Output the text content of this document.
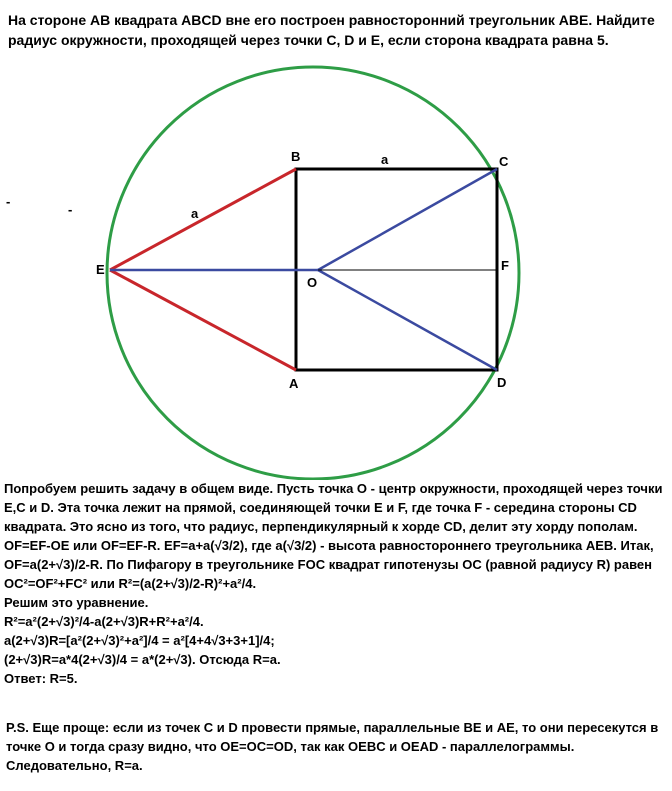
На стороне AB квадрата ABCD вне его построен равносторонний треугольник ABE. Найдите радиус окружности, проходящей через точки C, D и E, если сторона квадрата равна 5.
B	C
A	D
E	F
O
a
a
-
-

Попробуем решить задачу в общем виде. Пусть точка O - центр окружности, проходящей через точки E,C и D. Эта точка лежит на прямой, соединяющей точки E и F, где точка F - середина стороны CD квадрата. Это ясно из того, что радиус, перпендикулярный к хорде CD, делит эту хорду пополам.

OF=EF-OE или OF=EF-R. EF=a+a(√3/2), где a(√3/2) - высота равностороннего треугольника AEB. Итак, OF=a(2+√3)/2-R. По Пифагору в треугольнике FOC квадрат гипотенузы OC (равной радиусу R) равен OC²=OF²+FC² или R²=(a(2+√3)/2-R)²+a²/4.

Решим это уравнение.

R²=a²(2+√3)²/4-a(2+√3)R+R²+a²/4.

a(2+√3)R=[a²(2+√3)²+a²]/4 = a²[4+4√3+3+1]/4;

(2+√3)R=a*4(2+√3)/4 = a*(2+√3). Отсюда R=a.

Ответ: R=5.

P.S. Еще проще: если из точек C и D провести прямые, параллельные BE и AE, то они пересекутся в точке O и тогда сразу видно, что OE=OC=OD, так как OEBC и OEAD - параллелограммы. Следовательно, R=a.
